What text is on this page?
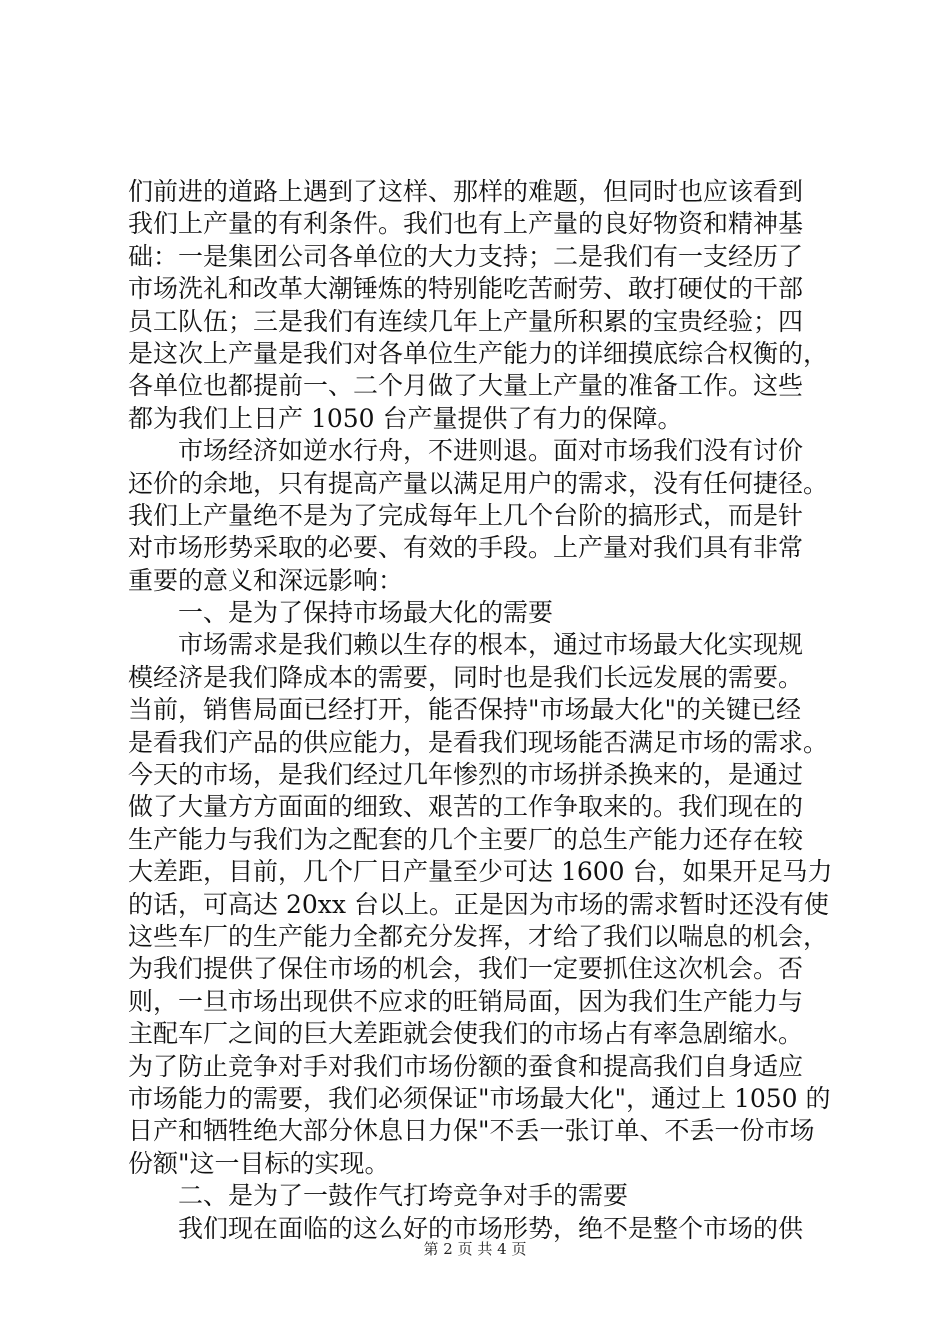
们前进的道路上遇到了这样、那样的难题，但同时也应该看到
我们上产量的有利条件。我们也有上产量的良好物资和精神基
础：一是集团公司各单位的大力支持；二是我们有一支经历了
市场洗礼和改革大潮锤炼的特别能吃苦耐劳、敢打硬仗的干部
员工队伍；三是我们有连续几年上产量所积累的宝贵经验；四
是这次上产量是我们对各单位生产能力的详细摸底综合权衡的，
各单位也都提前一、二个月做了大量上产量的准备工作。这些
都为我们上日产 1050 台产量提供了有力的保障。
　　市场经济如逆水行舟，不进则退。面对市场我们没有讨价
还价的余地，只有提高产量以满足用户的需求，没有任何捷径。
我们上产量绝不是为了完成每年上几个台阶的搞形式，而是针
对市场形势采取的必要、有效的手段。上产量对我们具有非常
重要的意义和深远影响：
　　一、是为了保持市场最大化的需要
　　市场需求是我们赖以生存的根本，通过市场最大化实现规
模经济是我们降成本的需要，同时也是我们长远发展的需要。
当前，销售局面已经打开，能否保持"市场最大化"的关键已经
是看我们产品的供应能力，是看我们现场能否满足市场的需求。
今天的市场，是我们经过几年惨烈的市场拼杀换来的，是通过
做了大量方方面面的细致、艰苦的工作争取来的。我们现在的
生产能力与我们为之配套的几个主要厂的总生产能力还存在较
大差距，目前，几个厂日产量至少可达 1600 台，如果开足马力
的话，可高达 20xx 台以上。正是因为市场的需求暂时还没有使
这些车厂的生产能力全都充分发挥，才给了我们以喘息的机会，
为我们提供了保住市场的机会，我们一定要抓住这次机会。否
则，一旦市场出现供不应求的旺销局面，因为我们生产能力与
主配车厂之间的巨大差距就会使我们的市场占有率急剧缩水。
为了防止竞争对手对我们市场份额的蚕食和提高我们自身适应
市场能力的需要，我们必须保证"市场最大化"，通过上 1050 的
日产和牺牲绝大部分休息日力保"不丢一张订单、不丢一份市场
份额"这一目标的实现。
　　二、是为了一鼓作气打垮竞争对手的需要
　　我们现在面临的这么好的市场形势，绝不是整个市场的供
第 2 页 共 4 页
